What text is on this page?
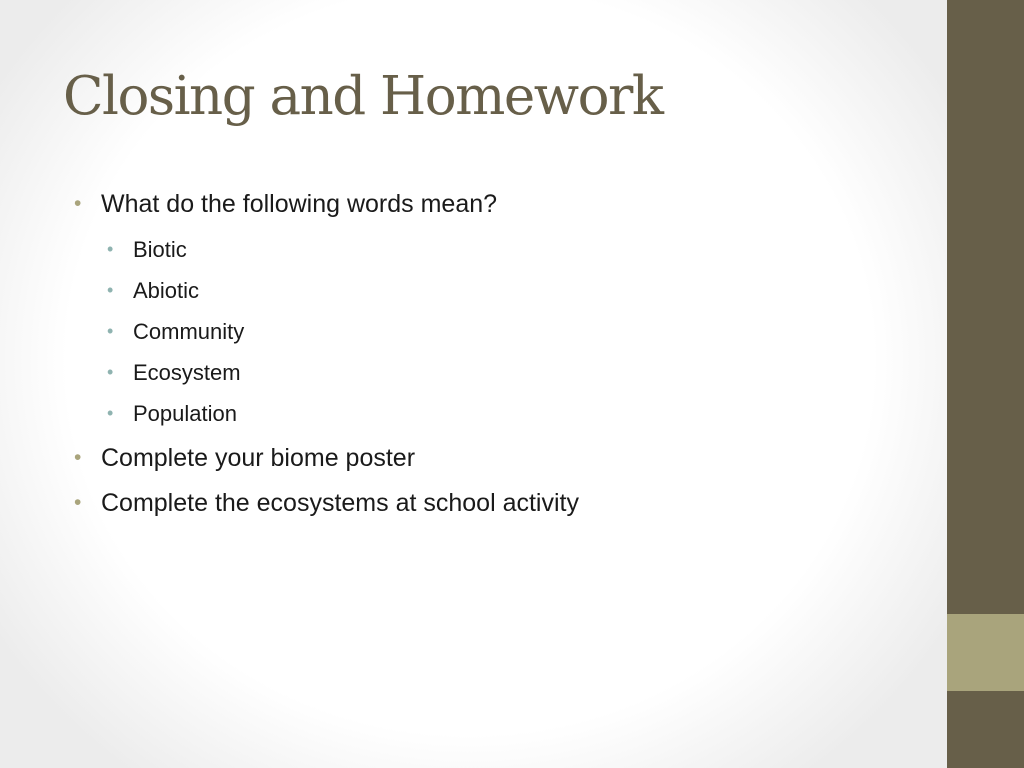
Closing and Homework
• What do the following words mean?
• Biotic
• Abiotic
• Community
• Ecosystem
• Population
• Complete your biome poster
• Complete the ecosystems at school activity
